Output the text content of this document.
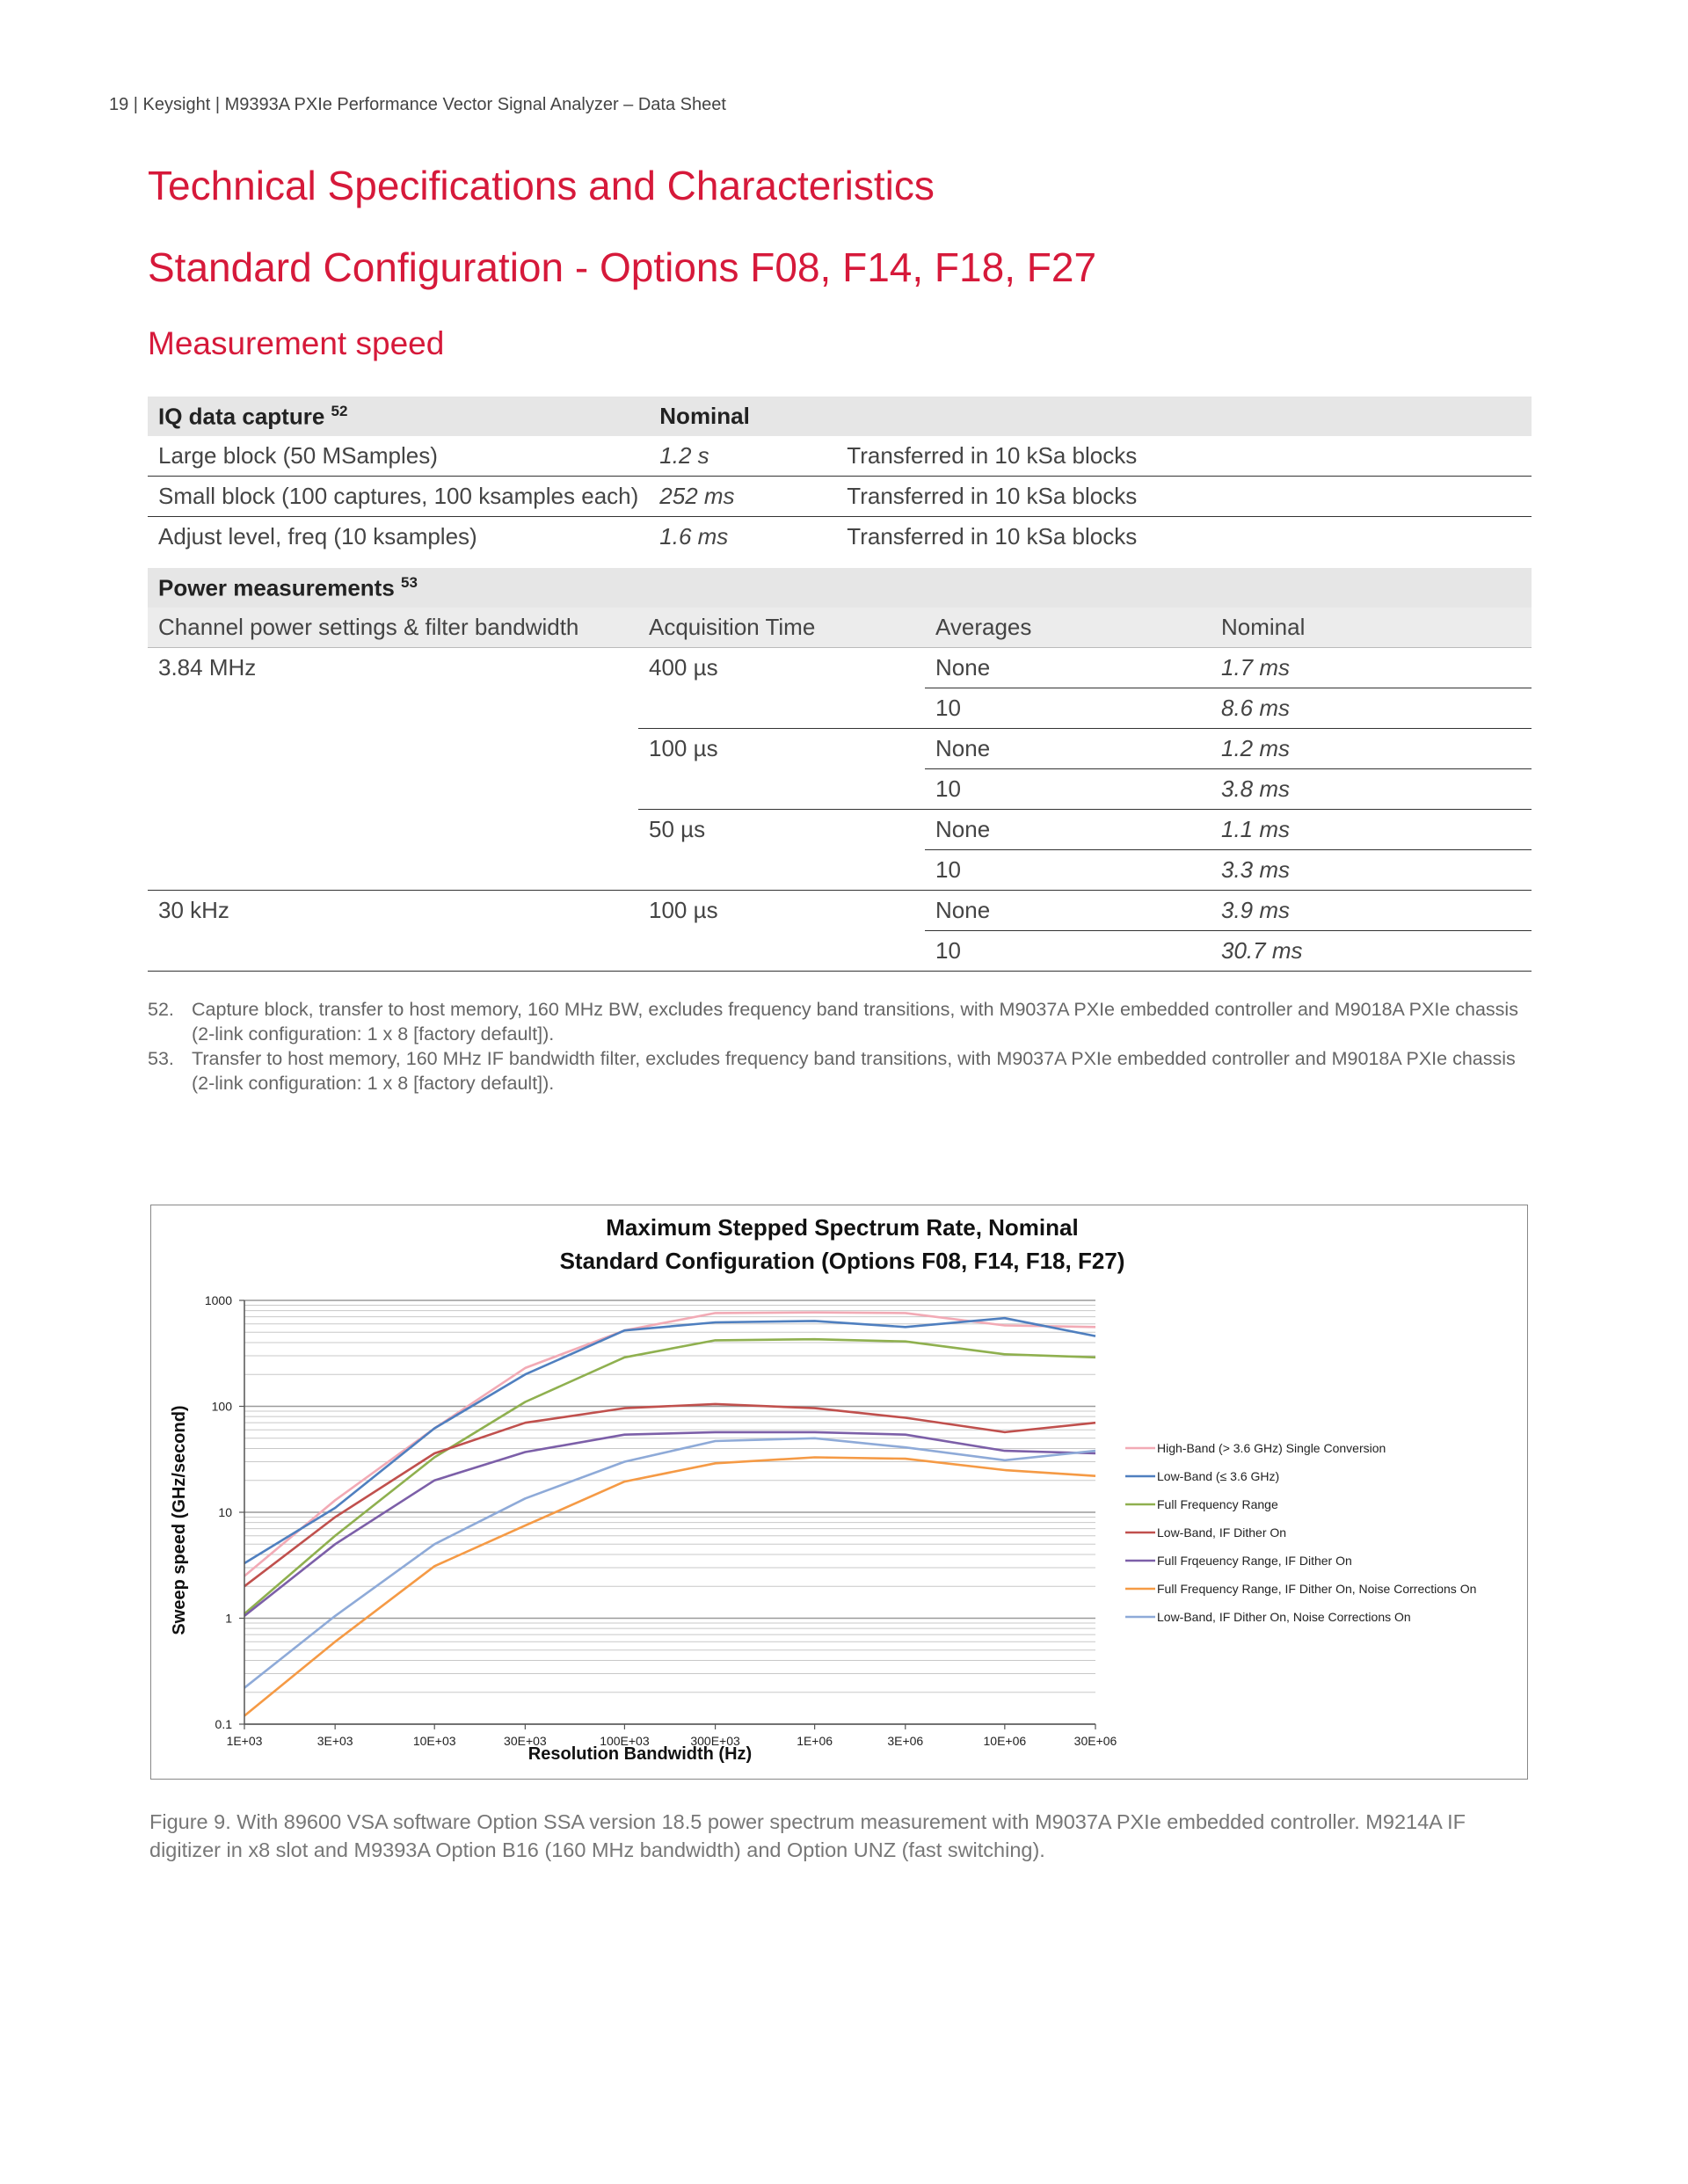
19 | Keysight | M9393A PXIe Performance Vector Signal Analyzer – Data Sheet
Technical Specifications and Characteristics
Standard Configuration - Options F08, F14, F18, F27
Measurement speed
IQ data capture $^{52}$	Nominal	
Large block (50 MSamples)	1.2 s	Transferred in 10 kSa blocks
Small block (100 captures, 100 ksamples each)	252 ms	Transferred in 10 kSa blocks
Adjust level, freq (10 ksamples)	1.6 ms	Transferred in 10 kSa blocks
Power measurements $^{53}$
Channel power settings & filter bandwidth	Acquisition Time	Averages	Nominal
3.84 MHz	400 µs	None	1.7 ms
		10	8.6 ms
	100 µs	None	1.2 ms
		10	3.8 ms
	50 µs	None	1.1 ms
		10	3.3 ms
30 kHz	100 µs	None	3.9 ms
		10	30.7 ms
52. Capture block, transfer to host memory, 160 MHz BW, excludes frequency band transitions, with M9037A PXIe embedded controller and M9018A PXIe chassis (2-link configuration: 1 x 8 [factory default]).
53. Transfer to host memory, 160 MHz IF bandwidth filter, excludes frequency band transitions, with M9037A PXIe embedded controller and M9018A PXIe chassis (2-link configuration: 1 x 8 [factory default]).
Maximum Stepped Spectrum Rate, Nominal
Standard Configuration (Options F08, F14, F18, F27)
Resolution Bandwidth (Hz)
Sweep speed (GHz/second)
0.1
1
10
100
1000
1E+03	3E+03	10E+03	30E+03	100E+03	300E+03	1E+06	3E+06	10E+06	30E+06
High-Band (> 3.6 GHz) Single Conversion
Low-Band (≤ 3.6 GHz)
Full Frequency Range
Low-Band, IF Dither On
Full Frqeuency Range, IF Dither On
Full Frequency Range, IF Dither On, Noise Corrections On
Low-Band, IF Dither On, Noise Corrections On
Figure 9. With 89600 VSA software Option SSA version 18.5 power spectrum measurement with M9037A PXIe embedded controller. M9214A IF digitizer in x8 slot and M9393A Option B16 (160 MHz bandwidth) and Option UNZ (fast switching).
